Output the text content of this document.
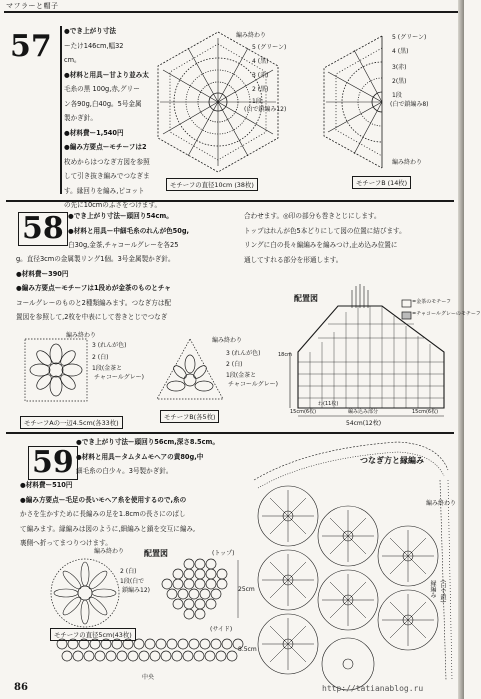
マフラーと帽子
57 ●でき上がり寸法
ーたけ146cm,幅32
cm。
●材料と用具ー甘より並み太
毛糸の黒 100g,赤,グリー
ン各90g,白40g。5号金属
製かぎ針。
●材料費ー1,540円
●編み方要点ーモチーフは2
枚めからはつなぎ方図を参照
して引き抜き編みでつなぎま
す。縁回りを編み,ピコット
の先に10cmのふさをつけます。
編み終わり
5 (グリーン)
4 (黒)
3 (赤)
2 (黒)
1段
(白で鎖編み12)
モチーフの直径10cm (38枚)
5 (グリーン)
4 (黒)
3(赤)
2(黒)
1段
(白で鎖編み8)
編み終わり
モチーフB (14枚)
58 ●でき上がり寸法ー頭回り54cm。
●材料と用具ー中細毛糸のれんが色50g,
白30g,金茶,チャコールグレーを各25
g。直径3cmの金属製リング1個。3号金属製かぎ針。
●材料費ー390円
●編み方要点ーモチーフは1段めが金茶のものとチャ
コールグレーのものと2種類編みます。つなぎ方は配
置図を参照して,2枚を中表にして巻きとじでつなぎ
合わせます。◎印の部分も巻きとじにします。
トップはれんが色5本どりにして図の位置に結びます。
リングに白の長々編編みを編みつけ,止め込み位置に
通してすれる部分を形通します。
配置図	=金茶のモチーフ
=チャコールグレーのモチーフ
18cm
15cm(6枚)
わ(11枚)
編み込み部分	15cm(6枚)
54cm(12枚)
編み終わり
3 (れんが色)
2 (白)
1段(金茶と
チャコールグレー)
モチーフAの一辺4.5cm(各33枚)
編み終わり
3 (れんが色)
2 (白)
1段(金茶と
チャコールグレー)
モチーフB(各5枚)
59
●でき上がり寸法ー頭回り56cm,深さ8.5cm。
●材料と用具ータムタムモヘアの黄80g,中
細毛糸の白少々。3号製かぎ針。
●材料費ー510円
●編み方要点ー毛足の長いモヘア糸を使用するので,糸の
かさを生かすために長編みの足を1.8cmの長さにのばし
て編みます。縁編みは図のように,細編みと鎖を交互に編み,
裏側へ折ってまつりつけます。
編み終わり
2 (白)
1段(白で
鎖編み12)
モチーフの直径5cm(43枚)
配置図	(トップ)
25cm
(サイド)
8.5cm
中央
つなぎ方と縁編み
編み終わり
縁編み (白で鎖)
86	http://tatianablog.ru
